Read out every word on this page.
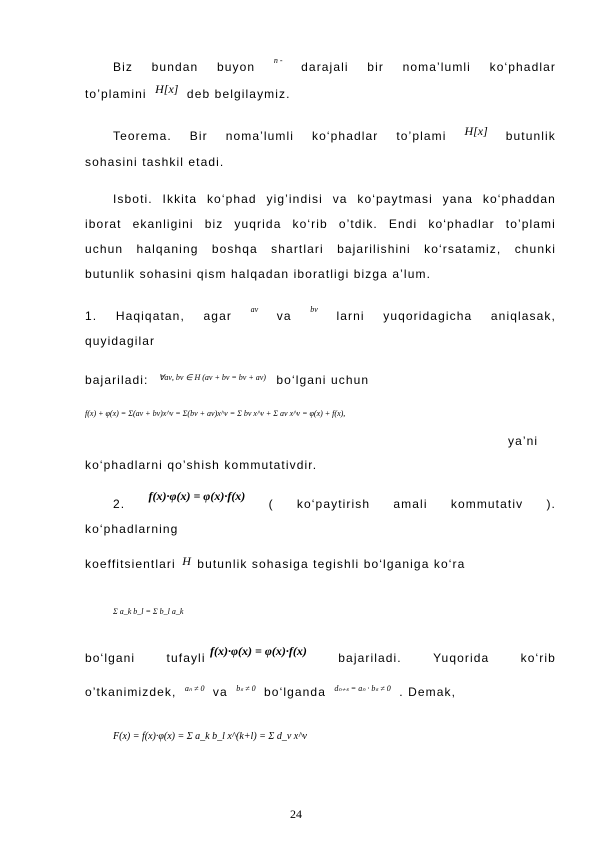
Biz bundan buyon n - darajali bir noma’lumli ko‘phadlar
to’plamini H[x] deb belgilaymiz.
Teorema. Bir noma’lumli ko‘phadlar to’plami H[x] butunlik
sohasini tashkil etadi.
Isboti. Ikkita ko‘phad yig’indisi va ko‘paytmasi yana ko‘phaddan
iborat ekanligini biz yuqrida ko‘rib o’tdik. Endi ko‘phadlar to’plami
uchun halqaning boshqa shartlari bajarilishini ko‘rsatamiz, chunki
butunlik sohasini qism halqadan iboratligi bizga a’lum.
1. Haqiqatan, agar aν va bν larni yuqoridagicha aniqlasak,
quyidagilar
bajariladi: $^{\forall a\nu, b\nu \in H (a\nu + b\nu = b\nu + a\nu)}$ bo‘lgani uchun
f(x) + φ(x) = Σ(aν + bν)x^ν = Σ(bν + aν)x^ν = Σ bν x^ν + Σ aν x^ν = φ(x) + f(x),
ya’ni
ko‘phadlarni qo’shish kommutativdir.
2.
f(x)·φ(x) = φ(x)·f(x)
( ko‘paytirish amali kommutativ ).
ko‘phadlarning
koeffitsientlari H butunlik sohasiga tegishli bo‘lganiga ko‘ra
Σ a_k b_l = Σ b_l a_k
bo‘lgani	tufayli f(x)·φ(x) = φ(x)·f(x)	bajariladi.	Yuqorida	ko‘rib
o’tkanimizdek, $^{a_n \ne 0}$ va $^{b_s \ne 0}$ bo‘lganda $^{d_{n+s} = a_n \cdot b_s \ne 0}$ . Demak,
F(x) = f(x)·φ(x) = Σ a_k b_l x^(k+l) = Σ d_ν x^ν
24
